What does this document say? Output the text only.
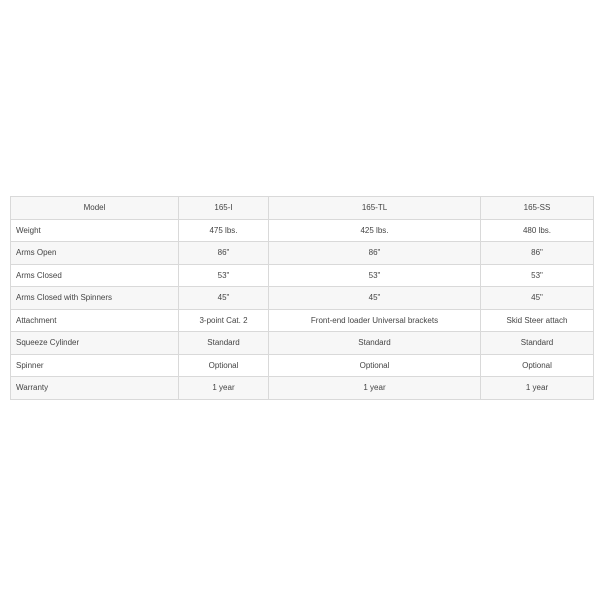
Model	165-I	165-TL	165-SS
Weight	475 lbs.	425 lbs.	480 lbs.
Arms Open	86"	86"	86"
Arms Closed	53"	53"	53"
Arms Closed with Spinners	45"	45"	45"
Attachment	3-point Cat. 2	Front-end loader Universal brackets	Skid Steer attach
Squeeze Cylinder	Standard	Standard	Standard
Spinner	Optional	Optional	Optional
Warranty	1 year	1 year	1 year
